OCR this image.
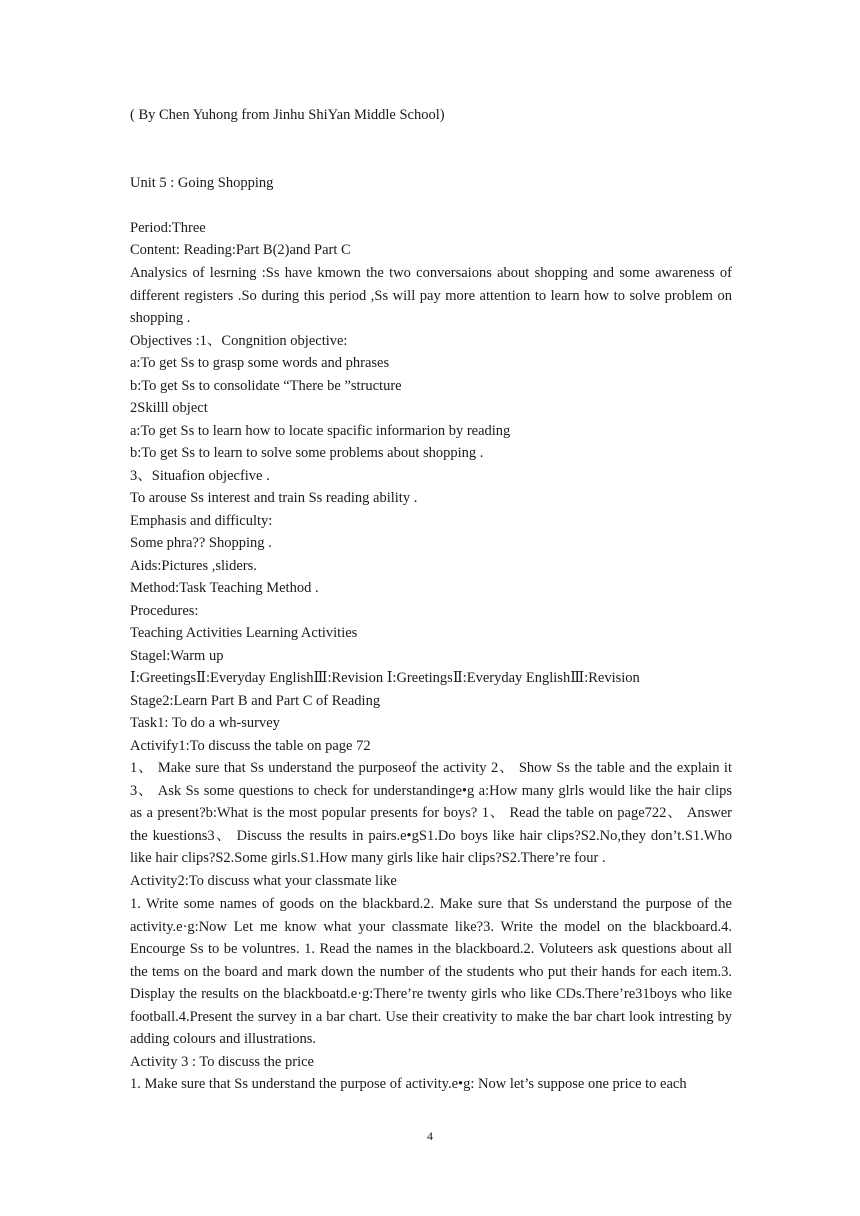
( By Chen Yuhong from Jinhu ShiYan Middle School)
Unit 5 : Going Shopping
Period:Three
Content: Reading:Part B(2)and Part C
Analysics of lesrning :Ss have kmown the two conversaions about shopping and some awareness of different registers .So during this period ,Ss will pay more attention to learn how to solve problem on shopping .
Objectives :1、Congnition objective:
a:To get Ss to grasp some words and phrases
b:To get Ss to consolidate “There be ”structure
2Skilll object
a:To get Ss to learn how to locate spacific informarion by reading
b:To get Ss to learn to solve some problems about shopping .
3、Situafion objecfive .
To arouse Ss interest and train Ss reading ability .
Emphasis and difficulty:
Some phra?? Shopping .
Aids:Pictures ,sliders.
Method:Task Teaching Method .
Procedures:
Teaching Activities Learning Activities
Stagel:Warm up
Ⅰ:GreetingsⅡ:Everyday EnglishⅢ:Revision Ⅰ:GreetingsⅡ:Everyday EnglishⅢ:Revision
Stage2:Learn Part B and Part C of Reading
Task1: To do a wh-survey
Activify1:To discuss the table on page 72
1、 Make sure that Ss understand the purposeof the activity 2、 Show Ss the table and the explain it 3、 Ask Ss some questions to check for understandinge•g a:How many glrls would like the hair clips as a present?b:What is the most popular presents for boys? 1、 Read the table on page722、 Answer the kuestions3、 Discuss the results in pairs.e•gS1.Do boys like hair clips?S2.No,they don’t.S1.Who like hair clips?S2.Some girls.S1.How many girls like hair clips?S2.There’re four .
Activity2:To discuss what your classmate like
1. Write some names of goods on the blackbard.2. Make sure that Ss understand the purpose of the activity.e·g:Now Let me know what your classmate like?3. Write the model on the blackboard.4. Encourge Ss to be voluntres. 1. Read the names in the blackboard.2. Voluteers ask questions about all the tems on the board and mark down the number of the students who put their hands for each item.3. Display the results on the blackboatd.e·g:There’re twenty girls who like CDs.There’re31boys who like football.4.Present the survey in a bar chart. Use their creativity to make the bar chart look intresting by adding colours and illustrations.
Activity 3 : To discuss the price
1. Make sure that Ss understand the purpose of activity.e•g: Now let’s suppose one price to each
4
